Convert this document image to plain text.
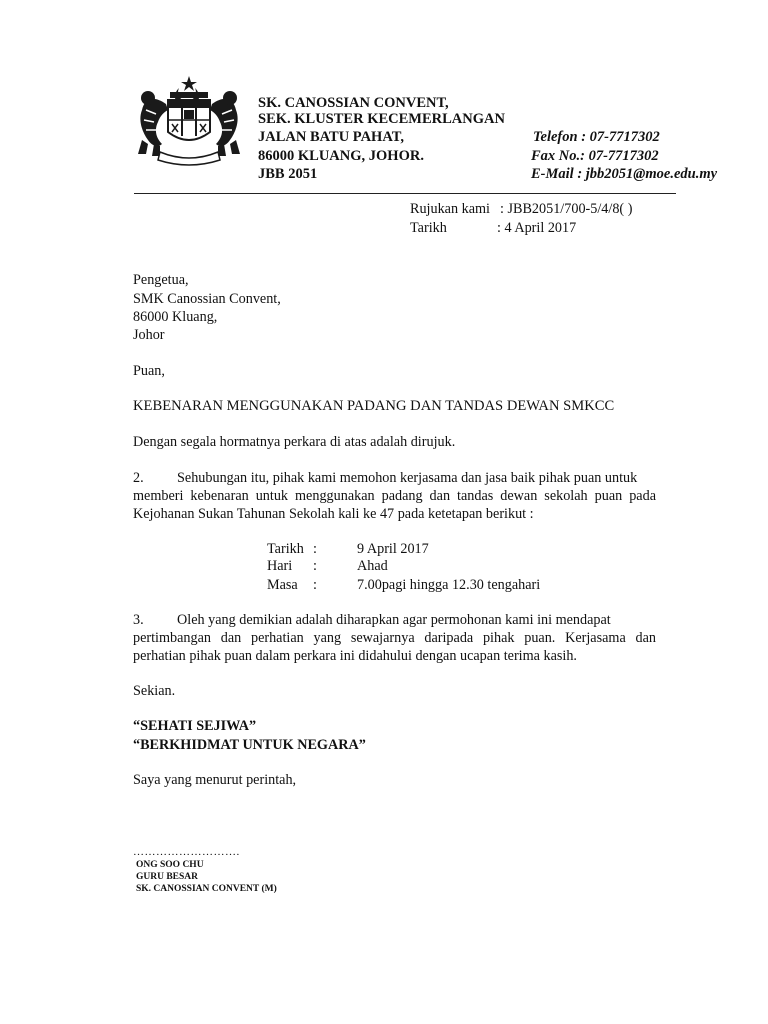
SK. CANOSSIAN CONVENT,
SEK. KLUSTER KECEMERLANGAN
JALAN BATU PAHAT,
86000 KLUANG, JOHOR.
JBB 2051
Telefon : 07-7717302
Fax No.: 07-7717302
E-Mail : jbb2051@moe.edu.my
Rujukan kami : JBB2051/700-5/4/8( )
Tarikh	: 4 April 2017
Pengetua,
SMK Canossian Convent,
86000 Kluang,
Johor
Puan,
KEBENARAN MENGGUNAKAN PADANG DAN TANDAS DEWAN SMKCC
Dengan segala hormatnya perkara di atas adalah dirujuk.
2. Sehubungan itu, pihak kami memohon kerjasama dan jasa baik pihak puan untuk
memberi kebenaran untuk menggunakan padang dan tandas dewan sekolah puan pada
Kejohanan Sukan Tahunan Sekolah kali ke 47 pada ketetapan berikut :
Tarikh :	9 April 2017
Hari :	Ahad
Masa :	7.00pagi hingga 12.30 tengahari
3. Oleh yang demikian adalah diharapkan agar permohonan kami ini mendapat
pertimbangan dan perhatian yang sewajarnya daripada pihak puan. Kerjasama dan
perhatian pihak puan dalam perkara ini didahului dengan ucapan terima kasih.
Sekian.
“SEHATI SEJIWA”
“BERKHIDMAT UNTUK NEGARA”
Saya yang menurut perintah,
……………………….
ONG SOO CHU
GURU BESAR
SK. CANOSSIAN CONVENT (M)
